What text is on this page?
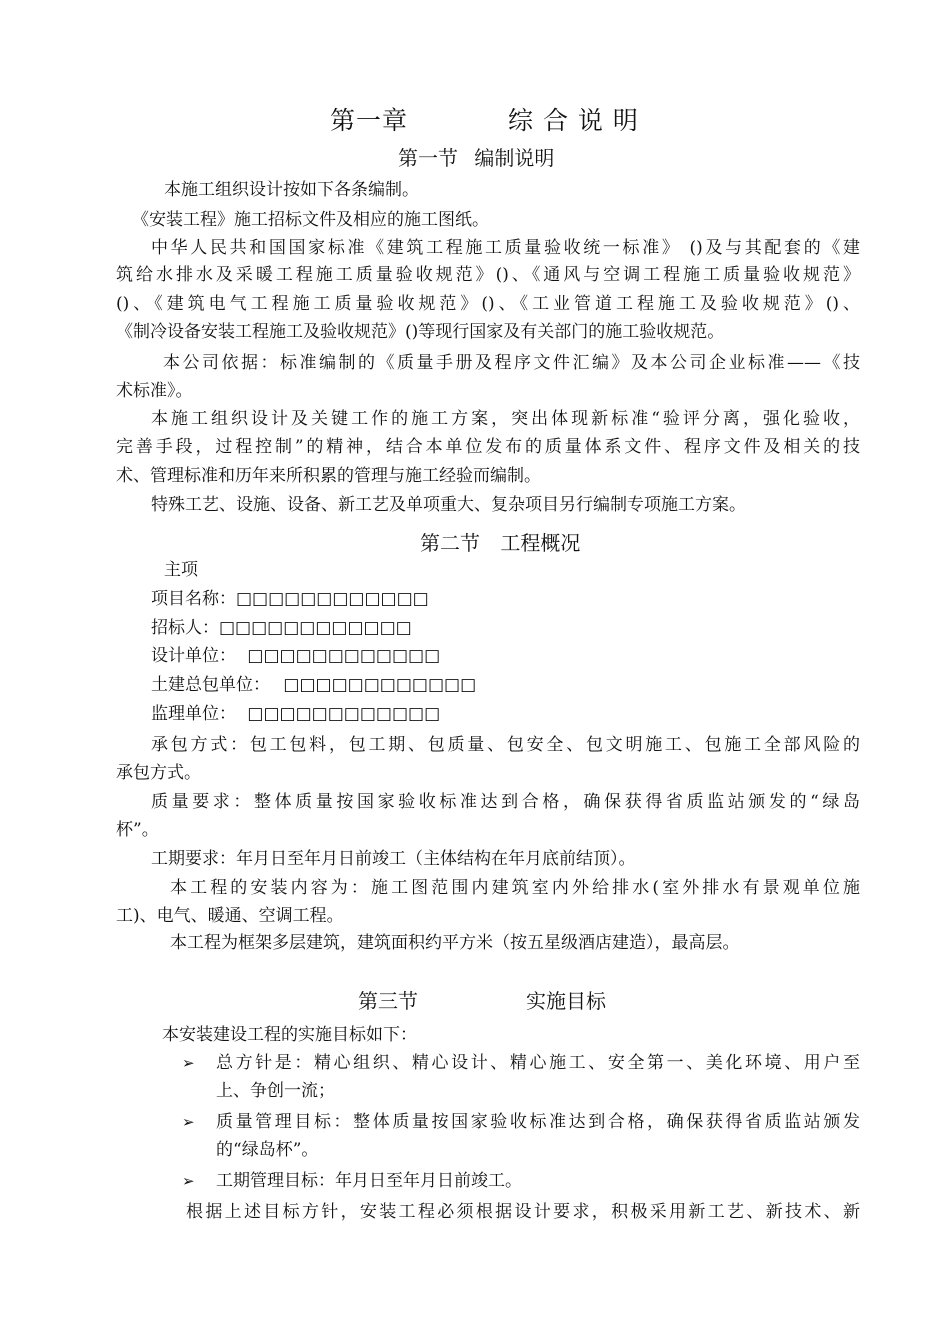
第一章	综 合 说 明
第一节 编制说明
本施工组织设计按如下各条编制。
《安装工程》施工招标文件及相应的施工图纸。
中华人民共和国国家标准《建筑工程施工质量验收统一标准》 ()及与其配套的《建
筑给水排水及采暖工程施工质量验收规范》()、《通风与空调工程施工质量验收规范》
()、《建筑电气工程施工质量验收规范》()、《工业管道工程施工及验收规范》()、
《制冷设备安装工程施工及验收规范》()等现行国家及有关部门的施工验收规范。
本公司依据：标准编制的《质量手册及程序文件汇编》及本公司企业标准——《技
术标准》。
本施工组织设计及关键工作的施工方案，突出体现新标准“验评分离，强化验收，
完善手段，过程控制”的精神，结合本单位发布的质量体系文件、程序文件及相关的技
术、管理标准和历年来所积累的管理与施工经验而编制。
特殊工艺、设施、设备、新工艺及单项重大、复杂项目另行编制专项施工方案。
第二节 工程概况
主项
项目名称：□□□□□□□□□□□□
招标人：□□□□□□□□□□□□
设计单位： □□□□□□□□□□□□
土建总包单位： □□□□□□□□□□□□
监理单位： □□□□□□□□□□□□
承包方式：包工包料，包工期、包质量、包安全、包文明施工、包施工全部风险的
承包方式。
质量要求：整体质量按国家验收标准达到合格，确保获得省质监站颁发的“绿岛
杯”。
工期要求：年月日至年月日前竣工（主体结构在年月底前结顶）。
本工程的安装内容为：施工图范围内建筑室内外给排水(室外排水有景观单位施
工)、电气、暖通、空调工程。
本工程为框架多层建筑，建筑面积约平方米（按五星级酒店建造），最高层。
第三节	实施目标
本安装建设工程的实施目标如下：
➢ 总方针是：精心组织、精心设计、精心施工、安全第一、美化环境、用户至
上、争创一流；
➢ 质量管理目标：整体质量按国家验收标准达到合格，确保获得省质监站颁发
的“绿岛杯”。
➢ 工期管理目标：年月日至年月日前竣工。
根据上述目标方针，安装工程必须根据设计要求，积极采用新工艺、新技术、新
